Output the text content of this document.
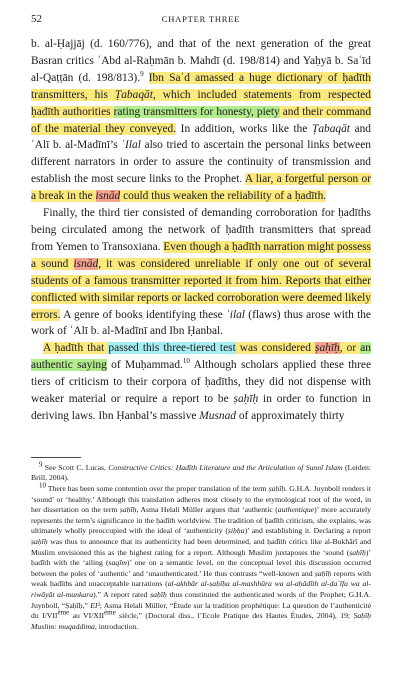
52	CHAPTER THREE

b. al-Ḥajjāj (d. 160/776), and that of the next generation of the great Basran critics ʿAbd al-Raḥmān b. Mahdī (d. 198/814) and Yaḥyā b. Saʿīd al-Qaṭṭān (d. 198/813).$^9$ Ibn Saʿd amassed a huge dictionary of ḥadīth transmitters, his Ṭabaqāt, which included statements from respected ḥadīth authorities rating transmitters for honesty, piety and their command of the material they conveyed. In addition, works like the Ṭabaqāt and ʿAlī b. al-Madīnī’s ʿIlal also tried to ascertain the personal links between different narrators in order to assure the continuity of transmission and establish the most secure links to the Prophet. A liar, a forgetful person or a break in the isnād could thus weaken the reliability of a ḥadīth.

Finally, the third tier consisted of demanding corroboration for ḥadīths being circulated among the network of ḥadīth transmitters that spread from Yemen to Transoxiana. Even though a ḥadīth narration might possess a sound isnād, it was considered unreliable if only one out of several students of a famous transmitter reported it from him. Reports that either conflicted with similar reports or lacked corroboration were deemed likely errors. A genre of books identifying these ʿilal (flaws) thus arose with the work of ʿAlī b. al-Madīnī and Ibn Ḥanbal.

A ḥadīth that passed this three-tiered test was considered ṣaḥīḥ, or an authentic saying of Muḥammad.$^{10}$ Although scholars applied these three tiers of criticism to their corpora of ḥadīths, they did not dispense with weaker material or require a report to be ṣaḥīḥ in order to function in deriving laws. Ibn Ḥanbal’s massive Musnad of approximately thirty

$^9$ See Scott C. Lucas, Constructive Critics: Ḥadīth Literature and the Articulation of Sunnī Islam (Leiden: Brill, 2004).

$^{10}$ There has been some contention over the proper translation of the term ṣaḥīḥ. G.H.A. Juynboll renders it ‘sound’ or ‘healthy.’ Although this translation adheres most closely to the etymological root of the word, in her dissertation on the term ṣaḥīḥ, Asma Helali Müller argues that ‘authentic (authentique)’ more accurately represents the term’s significance in the ḥadīth worldview. The tradition of ḥadīth criticism, she explains, was ultimately wholly preoccupied with the ideal of ‘authenticity (ṣiḥḥa)’ and establishing it. Declaring a report ṣaḥīḥ was thus to announce that its authenticity had been determined, and ḥadīth critics like al-Bukhārī and Muslim envisioned this as the highest rating for a report. Although Muslim juxtaposes the ‘sound (ṣaḥīḥ)’ ḥadīth with the ‘ailing (saqīm)’ one on a semantic level, on the conceptual level this discussion occurred between the poles of ‘authentic’ and ‘unauthenticated.’ He thus contrasts “well-known and ṣaḥīḥ reports with weak ḥadīths and unacceptable narrations (al-akhbār al-ṣaḥīḥa al-mashhūra wa al-aḥādīth al-ḍaʿīfa wa al-riwāyāt al-munkara).” A report rated ṣaḥīḥ thus constituted the authenticated words of the Prophet; G.H.A. Juynboll, “Ṣaḥīḥ,” EI²; Asma Helali Müller, “Étude sur la tradition prophétique: La question de l’authenticité du I/VIIème au VI/XIIème siècle,” (Doctoral diss., l’Ecole Pratique des Hautes Études, 2004), 19; Ṣaḥīḥ Muslim: muqaddima, introduction.
